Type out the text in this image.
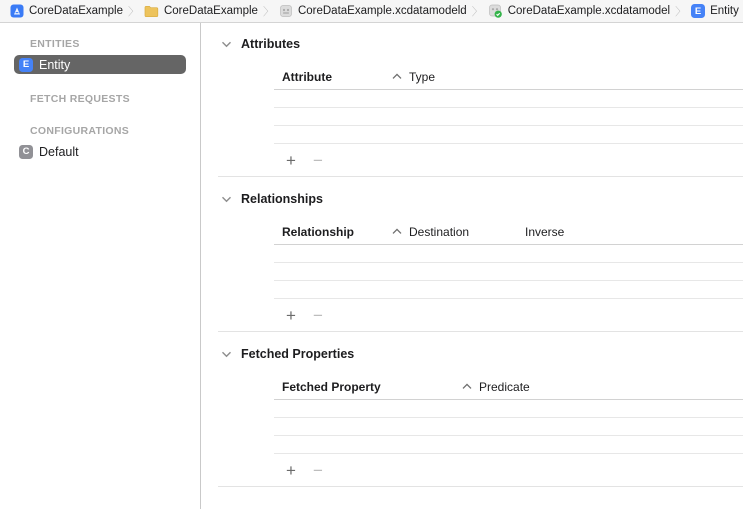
CoreDataExample 〉 CoreDataExample 〉 CoreDataExample.xcdatamodeld 〉 CoreDataExample.xcdatamodel 〉 E Entity
ENTITIES
E Entity
FETCH REQUESTS
CONFIGURATIONS
C Default
Attributes
Attribute	Type
+ −
Relationships
Relationship	Destination	Inverse
+ −
Fetched Properties
Fetched Property	Predicate
+ −
